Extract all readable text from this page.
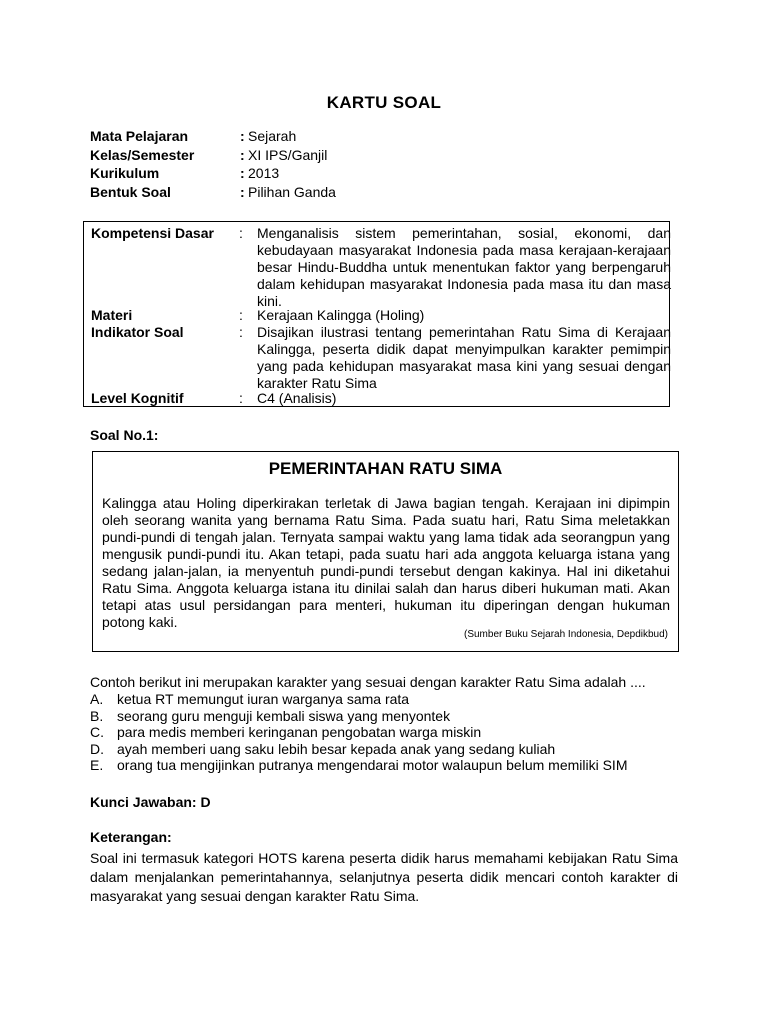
KARTU SOAL
Mata Pelajaran	: Sejarah
Kelas/Semester	: XI IPS/Ganjil
Kurikulum	: 2013
Bentuk Soal	: Pilihan Ganda
Kompetensi Dasar	: Menganalisis sistem pemerintahan, sosial, ekonomi, dan kebudayaan masyarakat Indonesia pada masa kerajaan-kerajaan besar Hindu-Buddha untuk menentukan faktor yang berpengaruh dalam kehidupan masyarakat Indonesia pada masa itu dan masa kini.
Materi	: Kerajaan Kalingga (Holing)
Indikator Soal	: Disajikan ilustrasi tentang pemerintahan Ratu Sima di Kerajaan Kalingga, peserta didik dapat menyimpulkan karakter pemimpin yang pada kehidupan masyarakat masa kini yang sesuai dengan karakter Ratu Sima
Level Kognitif	: C4 (Analisis)
Soal No.1:
PEMERINTAHAN RATU SIMA
Kalingga atau Holing diperkirakan terletak di Jawa bagian tengah. Kerajaan ini dipimpin oleh seorang wanita yang bernama Ratu Sima. Pada suatu hari, Ratu Sima meletakkan pundi-pundi di tengah jalan. Ternyata sampai waktu yang lama tidak ada seorangpun yang mengusik pundi-pundi itu. Akan tetapi, pada suatu hari ada anggota keluarga istana yang sedang jalan-jalan, ia menyentuh pundi-pundi tersebut dengan kakinya. Hal ini diketahui Ratu Sima. Anggota keluarga istana itu dinilai salah dan harus diberi hukuman mati. Akan tetapi atas usul persidangan para menteri, hukuman itu diperingan dengan hukuman potong kaki.
(Sumber Buku Sejarah Indonesia, Depdikbud)
Contoh berikut ini merupakan karakter yang sesuai dengan karakter Ratu Sima adalah ....
A. ketua RT memungut iuran warganya sama rata
B. seorang guru menguji kembali siswa yang menyontek
C. para medis memberi keringanan pengobatan warga miskin
D. ayah memberi uang saku lebih besar kepada anak yang sedang kuliah
E. orang tua mengijinkan putranya mengendarai motor walaupun belum memiliki SIM
Kunci Jawaban: D
Keterangan:
Soal ini termasuk kategori HOTS karena peserta didik harus memahami kebijakan Ratu Sima dalam menjalankan pemerintahannya, selanjutnya peserta didik mencari contoh karakter di masyarakat yang sesuai dengan karakter Ratu Sima.
